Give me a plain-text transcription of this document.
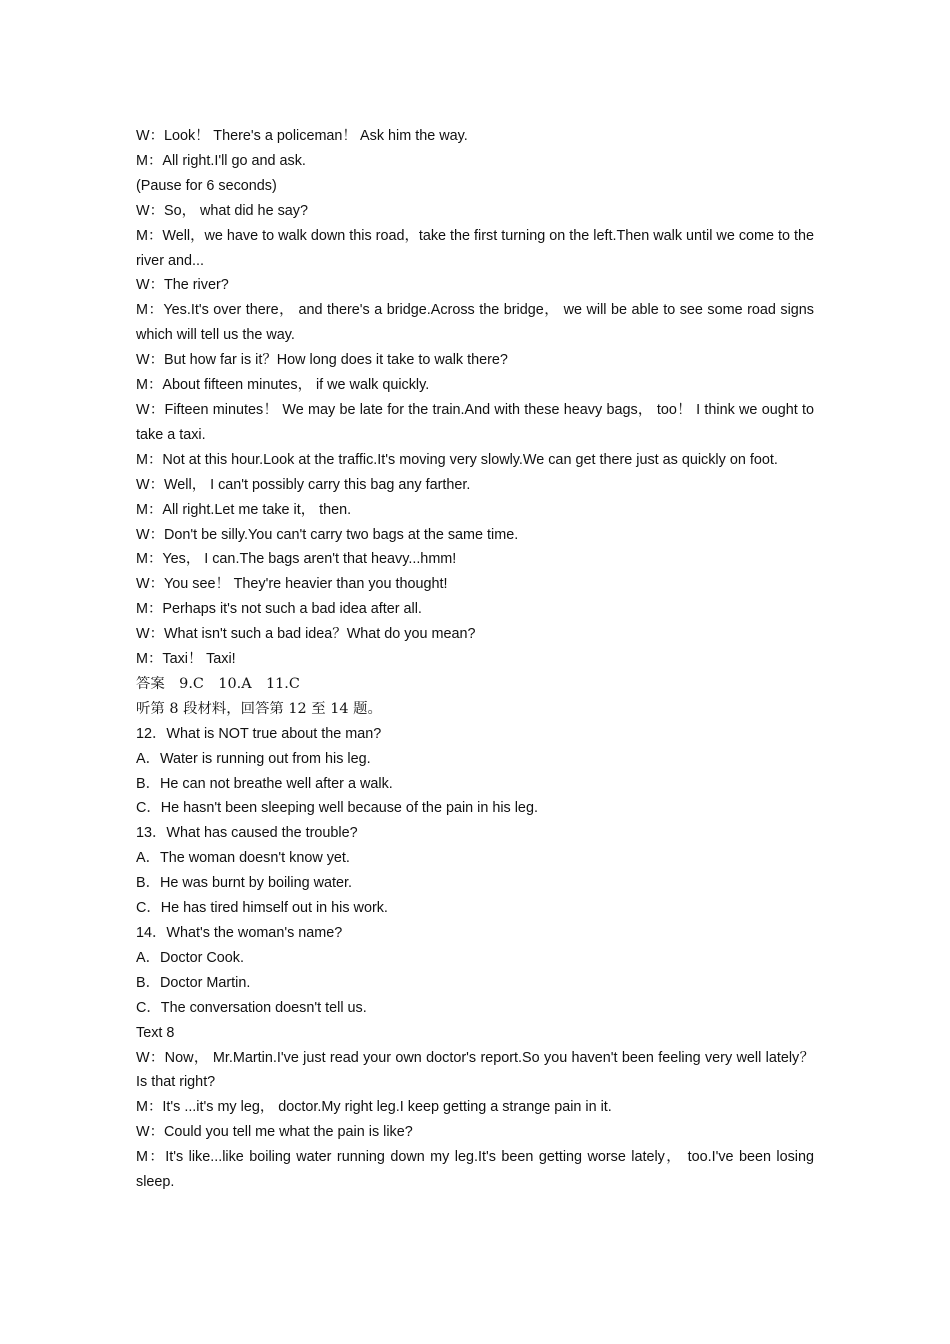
W：Look！ There's a policeman！ Ask him the way.

M：All right.I'll go and ask.

(Pause for 6 seconds)

W：So， what did he say?

M：Well，we have to walk down this road，take the first turning on the left.Then walk until we come to the river and...

W：The river?

M：Yes.It's over there， and there's a bridge.Across the bridge， we will be able to see some road signs which will tell us the way.

W：But how far is it？How long does it take to walk there?

M：About fifteen minutes， if we walk quickly.

W：Fifteen minutes！ We may be late for the train.And with these heavy bags， too！ I think we ought to take a taxi.

M：Not at this hour.Look at the traffic.It's moving very slowly.We can get there just as quickly on foot.

W：Well， I can't possibly carry this bag any farther.

M：All right.Let me take it， then.

W：Don't be silly.You can't carry two bags at the same time.

M：Yes， I can.The bags aren't that heavy...hmm!

W：You see！ They're heavier than you thought!

M：Perhaps it's not such a bad idea after all.

W：What isn't such a bad idea？What do you mean?

M：Taxi！ Taxi!

答案　9.C　10.A　11.C

听第 8 段材料，回答第 12 至 14 题。

12．What is NOT true about the man?

A．Water is running out from his leg.

B．He can not breathe well after a walk.

C．He hasn't been sleeping well because of the pain in his leg.

13．What has caused the trouble?

A．The woman doesn't know yet.

B．He was burnt by boiling water.

C．He has tired himself out in his work.

14．What's the woman's name?

A．Doctor Cook.

B．Doctor Martin.

C．The conversation doesn't tell us.

Text 8

W：Now， Mr.Martin.I've just read your own doctor's report.So you haven't been feeling very well lately？Is that right?

M：It's ...it's my leg， doctor.My right leg.I keep getting a strange pain in it.

W：Could you tell me what the pain is like?

M：It's like...like boiling water running down my leg.It's been getting worse lately， too.I've been losing sleep.
